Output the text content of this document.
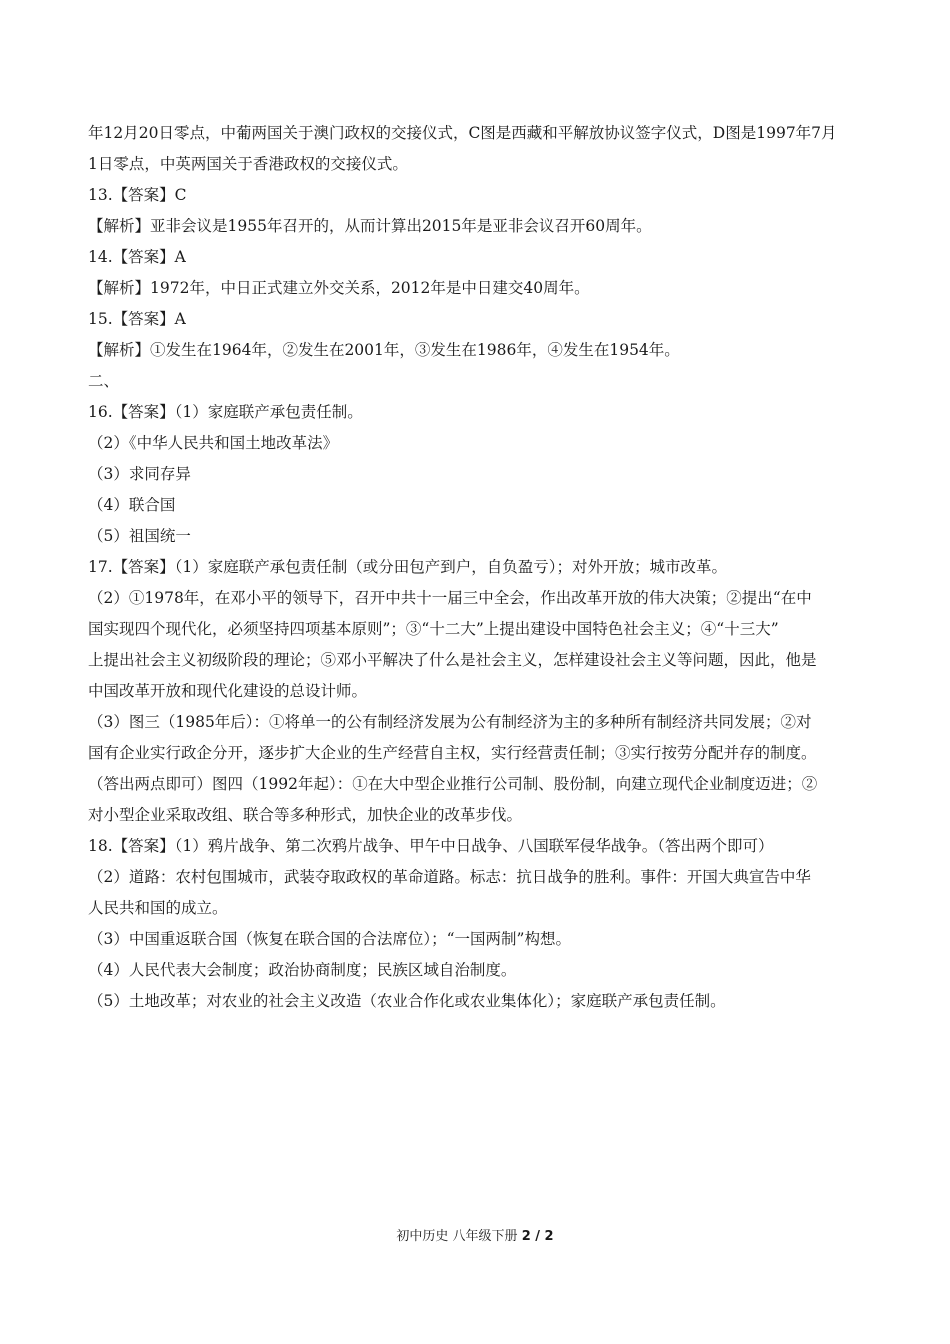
年12月20日零点，中葡两国关于澳门政权的交接仪式，C图是西藏和平解放协议签字仪式，D图是1997年7月
1日零点，中英两国关于香港政权的交接仪式。
13.【答案】C
【解析】亚非会议是1955年召开的，从而计算出2015年是亚非会议召开60周年。
14.【答案】A
【解析】1972年，中日正式建立外交关系，2012年是中日建交40周年。
15.【答案】A
【解析】①发生在1964年，②发生在2001年，③发生在1986年，④发生在1954年。
二、
16.【答案】（1）家庭联产承包责任制。
（2）《中华人民共和国土地改革法》
（3）求同存异
（4）联合国
（5）祖国统一
17.【答案】（1）家庭联产承包责任制（或分田包产到户，自负盈亏）；对外开放；城市改革。
（2）①1978年，在邓小平的领导下，召开中共十一届三中全会，作出改革开放的伟大决策；②提出“在中
国实现四个现代化，必须坚持四项基本原则”；③“十二大”上提出建设中国特色社会主义；④“十三大”
上提出社会主义初级阶段的理论；⑤邓小平解决了什么是社会主义，怎样建设社会主义等问题，因此，他是
中国改革开放和现代化建设的总设计师。
（3）图三（1985年后）：①将单一的公有制经济发展为公有制经济为主的多种所有制经济共同发展；②对
国有企业实行政企分开，逐步扩大企业的生产经营自主权，实行经营责任制；③实行按劳分配并存的制度。
（答出两点即可）图四（1992年起）：①在大中型企业推行公司制、股份制，向建立现代企业制度迈进；②
对小型企业采取改组、联合等多种形式，加快企业的改革步伐。
18.【答案】（1）鸦片战争、第二次鸦片战争、甲午中日战争、八国联军侵华战争。（答出两个即可）
（2）道路：农村包围城市，武装夺取政权的革命道路。标志：抗日战争的胜利。事件：开国大典宣告中华
人民共和国的成立。
（3）中国重返联合国（恢复在联合国的合法席位）；“一国两制”构想。
（4）人民代表大会制度；政治协商制度；民族区域自治制度。
（5）土地改革；对农业的社会主义改造（农业合作化或农业集体化）；家庭联产承包责任制。
初中历史 八年级下册 2 / 2
